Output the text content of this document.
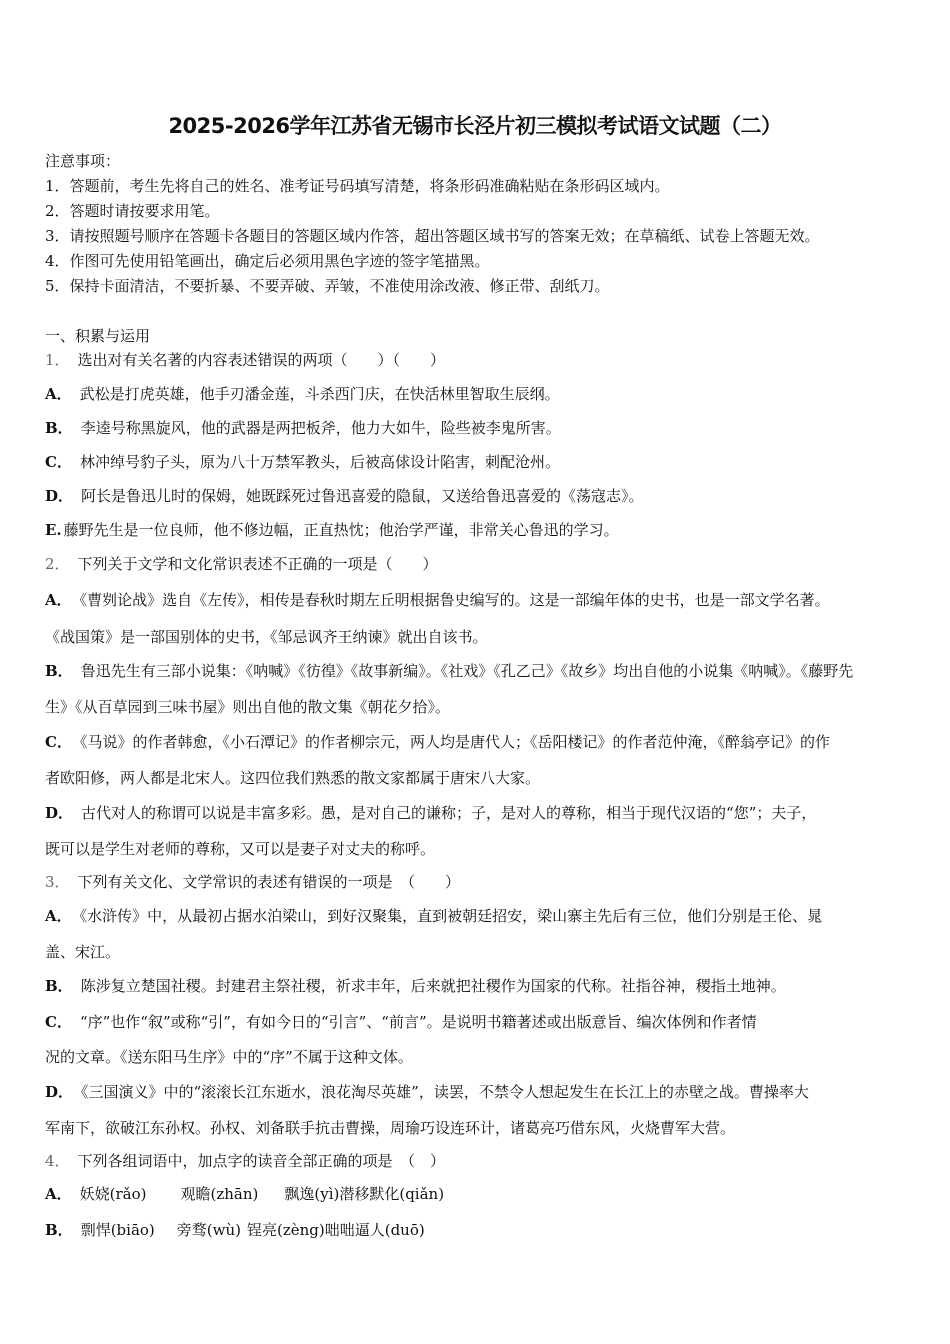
2025-2026学年江苏省无锡市长泾片初三模拟考试语文试题（二）
注意事项：
1．答题前，考生先将自己的姓名、准考证号码填写清楚，将条形码准确粘贴在条形码区域内。
2．答题时请按要求用笔。
3．请按照题号顺序在答题卡各题目的答题区域内作答，超出答题区域书写的答案无效；在草稿纸、试卷上答题无效。
4．作图可先使用铅笔画出，确定后必须用黑色字迹的签字笔描黑。
5．保持卡面清洁，不要折暴、不要弄破、弄皱，不准使用涂改液、修正带、刮纸刀。
一、积累与运用
1． 选出对有关名著的内容表述错误的两项（　　）（　　）
A． 武松是打虎英雄，他手刃潘金莲，斗杀西门庆，在快活林里智取生辰纲。
B． 李逵号称黑旋风，他的武器是两把板斧，他力大如牛，险些被李鬼所害。
C． 林冲绰号豹子头，原为八十万禁军教头，后被高俅设计陷害，刺配沧州。
D． 阿长是鲁迅儿时的保姆，她既踩死过鲁迅喜爱的隐鼠，又送给鲁迅喜爱的《荡寇志》。
E. 藤野先生是一位良师，他不修边幅，正直热忱；他治学严谨，非常关心鲁迅的学习。
2． 下列关于文学和文化常识表述不正确的一项是（　　）
A． 《曹刿论战》选自《左传》，相传是春秋时期左丘明根据鲁史编写的。这是一部编年体的史书，也是一部文学名著。
《战国策》是一部国别体的史书，《邹忌讽齐王纳谏》就出自该书。
B． 鲁迅先生有三部小说集：《呐喊》《彷徨》《故事新编》。《社戏》《孔乙己》《故乡》均出自他的小说集《呐喊》。《藤野先
生》《从百草园到三味书屋》则出自他的散文集《朝花夕拾》。
C． 《马说》的作者韩愈，《小石潭记》的作者柳宗元，两人均是唐代人；《岳阳楼记》的作者范仲淹，《醉翁亭记》的作
者欧阳修，两人都是北宋人。这四位我们熟悉的散文家都属于唐宋八大家。
D． 古代对人的称谓可以说是丰富多彩。愚，是对自己的谦称；子，是对人的尊称，相当于现代汉语的“您”；夫子，
既可以是学生对老师的尊称，又可以是妻子对丈夫的称呼。
3． 下列有关文化、文学常识的表述有错误的一项是　（　　）
A． 《水浒传》中，从最初占据水泊梁山，到好汉聚集，直到被朝廷招安，梁山寨主先后有三位，他们分别是王伦、晁
盖、宋江。
B． 陈涉复立楚国社稷。封建君主祭社稷，祈求丰年，后来就把社稷作为国家的代称。社指谷神，稷指土地神。
C． “序”也作“叙”或称“引”，有如今日的“引言”、“前言”。是说明书籍著述或出版意旨、编次体例和作者情
况的文章。《送东阳马生序》中的“序”不属于这种文体。
D． 《三国演义》中的“滚滚长江东逝水，浪花淘尽英雄”，读罢，不禁令人想起发生在长江上的赤壁之战。曹操率大
军南下，欲破江东孙权。孙权、刘备联手抗击曹操，周瑜巧设连环计，诸葛亮巧借东风，火烧曹军大营。
4． 下列各组词语中，加点字的读音全部正确的项是　（　）
A． 妖娆(rǎo) 观瞻(zhān) 飘逸(yì)潜移默化(qiǎn)
B． 剽悍(biāo) 旁骛(wù) 锃亮(zèng)咄咄逼人(duō)
